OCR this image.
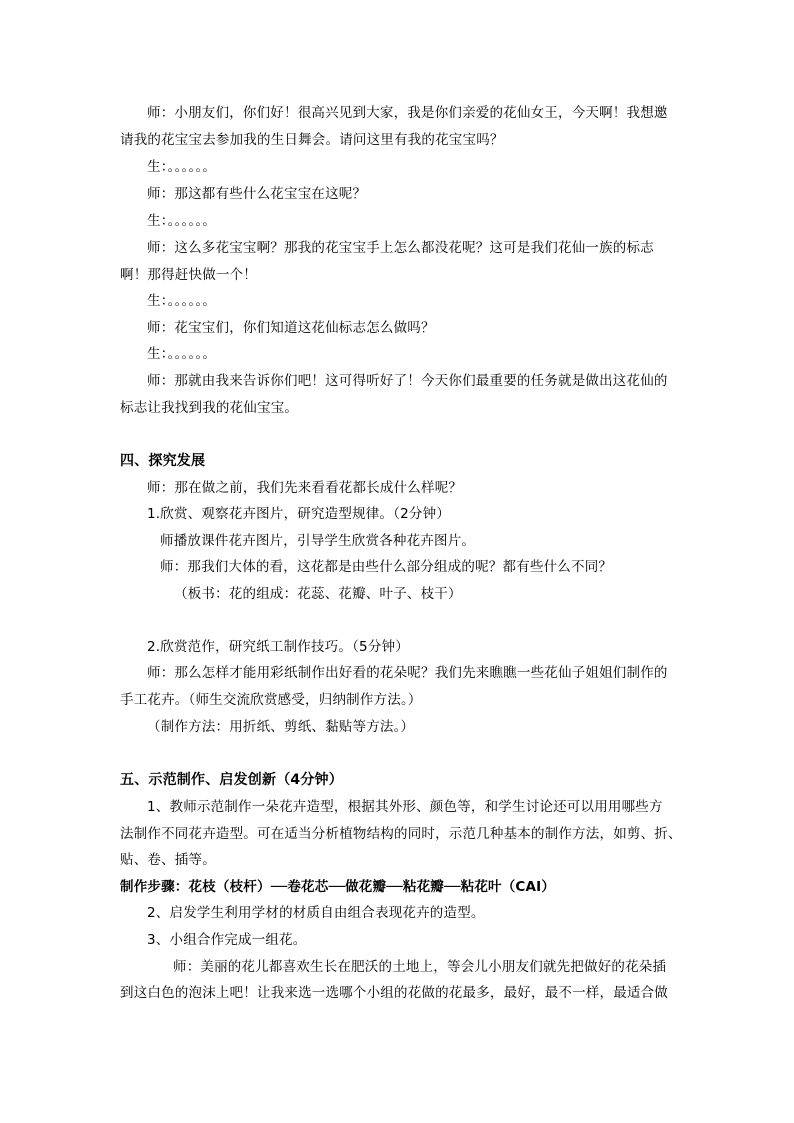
师：小朋友们，你们好！很高兴见到大家，我是你们亲爱的花仙女王，今天啊！我想邀
请我的花宝宝去参加我的生日舞会。请问这里有我的花宝宝吗？
生：。。。。。。
师：那这都有些什么花宝宝在这呢？
生：。。。。。。
师：这么多花宝宝啊？那我的花宝宝手上怎么都没花呢？这可是我们花仙一族的标志
啊！那得赶快做一个！
生：。。。。。。
师：花宝宝们，你们知道这花仙标志怎么做吗？
生：。。。。。。
师：那就由我来告诉你们吧！这可得听好了！今天你们最重要的任务就是做出这花仙的
标志让我找到我的花仙宝宝。
四、探究发展
师：那在做之前，我们先来看看花都长成什么样呢？
1.欣赏、观察花卉图片，研究造型规律。（2分钟）
师播放课件花卉图片，引导学生欣赏各种花卉图片。
师：那我们大体的看，这花都是由些什么部分组成的呢？都有些什么不同？
（板书：花的组成：花蕊、花瓣、叶子、枝干）
2.欣赏范作，研究纸工制作技巧。（5分钟）
师：那么怎样才能用彩纸制作出好看的花朵呢？我们先来瞧瞧一些花仙子姐姐们制作的
手工花卉。（师生交流欣赏感受，归纳制作方法。）
（制作方法：用折纸、剪纸、黏贴等方法。）
五、示范制作、启发创新（4分钟）
1、教师示范制作一朵花卉造型，根据其外形、颜色等，和学生讨论还可以用用哪些方
法制作不同花卉造型。可在适当分析植物结构的同时，示范几种基本的制作方法，如剪、折、
贴、卷、插等。
制作步骤：花枝（枝杆）──卷花芯──做花瓣──粘花瓣──粘花叶（CAI）
2、启发学生利用学材的材质自由组合表现花卉的造型。
3、小组合作完成一组花。
师：美丽的花儿都喜欢生长在肥沃的土地上，等会儿小朋友们就先把做好的花朵插
到这白色的泡沫上吧！让我来选一选哪个小组的花做的花最多，最好，最不一样，最适合做
